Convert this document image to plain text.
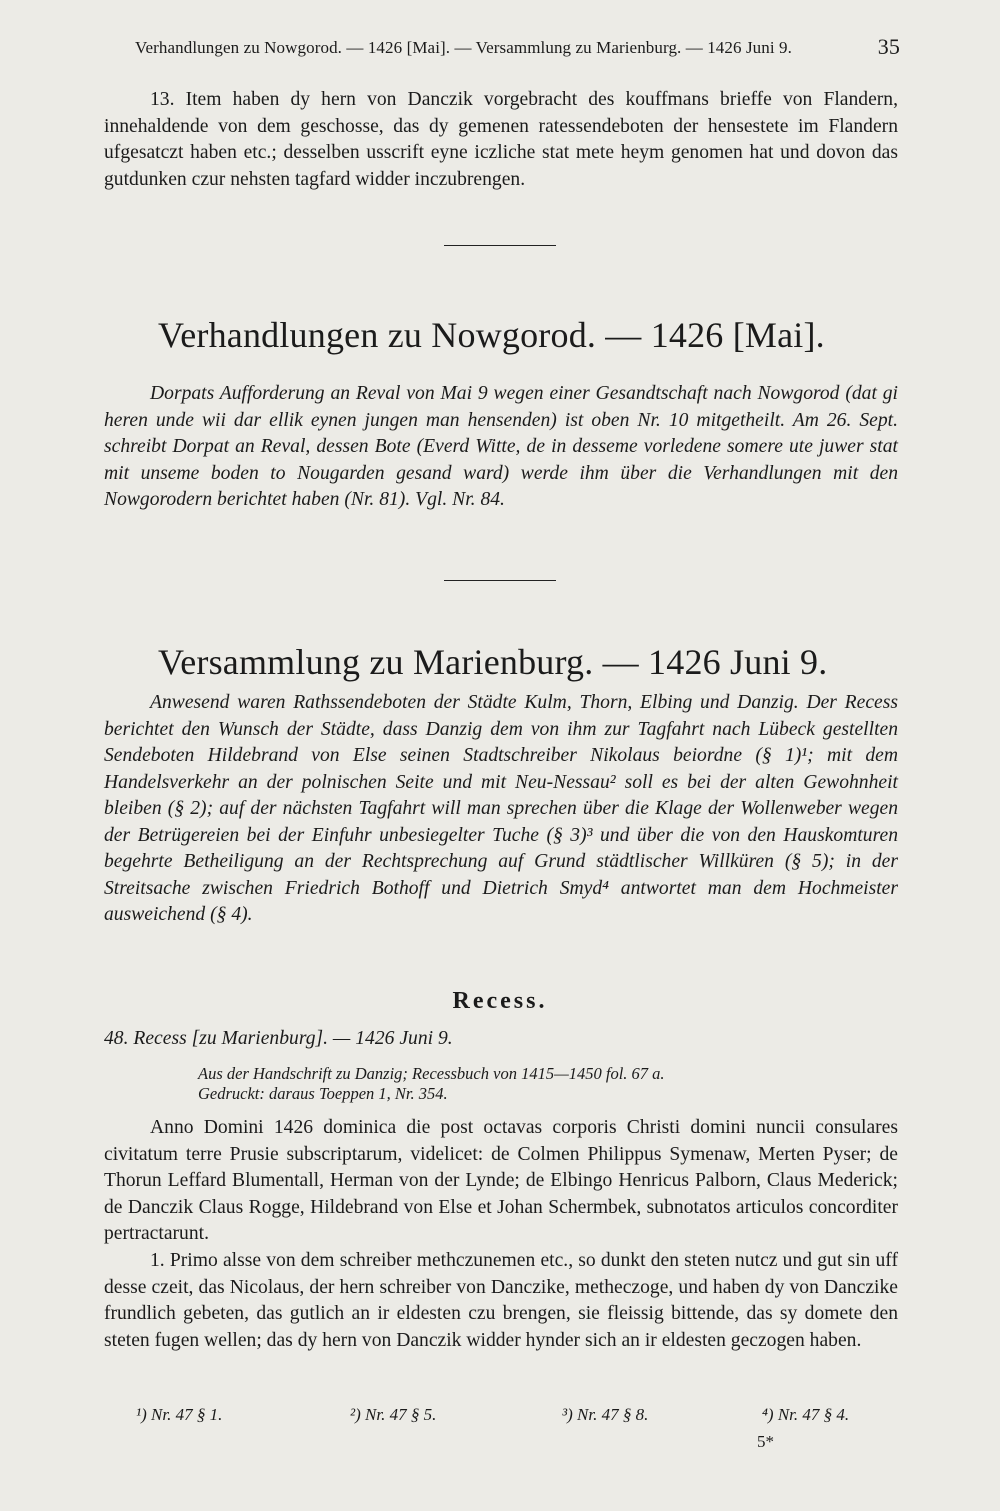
Verhandlungen zu Nowgorod. — 1426 [Mai]. — Versammlung zu Marienburg. — 1426 Juni 9.	35

13. Item haben dy hern von Danczik vorgebracht des kouffmans brieffe von Flandern, innehaldende von dem geschosse, das dy gemenen ratessendeboten der hensestete im Flandern ufgesatczt haben etc.; desselben usscrift eyne iczliche stat mete heym genomen hat und dovon das gutdunken czur nehsten tagfard widder inczubrengen.

Verhandlungen zu Nowgorod. — 1426 [Mai].

Dorpats Aufforderung an Reval von Mai 9 wegen einer Gesandtschaft nach Nowgorod (dat gi heren unde wii dar ellik eynen jungen man hensenden) ist oben Nr. 10 mitgetheilt. Am 26. Sept. schreibt Dorpat an Reval, dessen Bote (Everd Witte, de in desseme vorledene somere ute juwer stat mit unseme boden to Nougarden gesand ward) werde ihm über die Verhandlungen mit den Nowgorodern berichtet haben (Nr. 81). Vgl. Nr. 84.

Versammlung zu Marienburg. — 1426 Juni 9.

Anwesend waren Rathssendeboten der Städte Kulm, Thorn, Elbing und Danzig. Der Recess berichtet den Wunsch der Städte, dass Danzig dem von ihm zur Tagfahrt nach Lübeck gestellten Sendeboten Hildebrand von Else seinen Stadtschreiber Nikolaus beiordne (§ 1)¹; mit dem Handelsverkehr an der polnischen Seite und mit Neu-Nessau² soll es bei der alten Gewohnheit bleiben (§ 2); auf der nächsten Tagfahrt will man sprechen über die Klage der Wollenweber wegen der Betrügereien bei der Einfuhr unbesiegelter Tuche (§ 3)³ und über die von den Hauskomturen begehrte Betheiligung an der Rechtsprechung auf Grund städtlischer Willküren (§ 5); in der Streitsache zwischen Friedrich Bothoff und Dietrich Smyd⁴ antwortet man dem Hochmeister ausweichend (§ 4).

Recess.
48. Recess [zu Marienburg]. — 1426 Juni 9.
Aus der Handschrift zu Danzig; Recessbuch von 1415—1450 fol. 67 a.
Gedruckt: daraus Toeppen 1, Nr. 354.

Anno Domini 1426 dominica die post octavas corporis Christi domini nuncii consulares civitatum terre Prusie subscriptarum, videlicet: de Colmen Philippus Symenaw, Merten Pyser; de Thorun Leffard Blumentall, Herman von der Lynde; de Elbingo Henricus Palborn, Claus Mederick; de Danczik Claus Rogge, Hildebrand von Else et Johan Schermbek, subnotatos articulos concorditer pertractarunt.

1. Primo alsse von dem schreiber methczunemen etc., so dunkt den steten nutcz und gut sin uff desse czeit, das Nicolaus, der hern schreiber von Danczike, metheczoge, und haben dy von Danczike frundlich gebeten, das gutlich an ir eldesten czu brengen, sie fleissig bittende, das sy domete den steten fugen wellen; das dy hern von Danczik widder hynder sich an ir eldesten geczogen haben.

¹) Nr. 47 § 1.	²) Nr. 47 § 5.	³) Nr. 47 § 8.	⁴) Nr. 47 § 4.
5*
